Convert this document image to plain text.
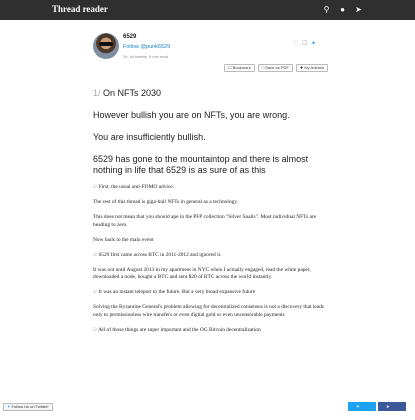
Thread reader	⚲ ● ➤
6529
Follow @punk6529
2h, 44 tweets, 9 min read
♡ ☐ ✦
☐ Bookmark	□ Save as PDF	✚ My Authors

1/ On NFTs 2030

However bullish you are on NFTs, you are wrong.

You are insufficiently bullish.

6529 has gone to the mountaintop and there is almost nothing in life that 6529 is as sure of as this

2/ First, the usual anti-FOMO advice.

The rest of this thread is giga-bull NFTs in general as a technology.

This does not mean that you should ape in the PFP collection "Silver Snails". Most individual NFTs are heading to zero.

Now back to the main event

3/ 6529 first came across BTC in 2011-2012 and ignored it.

It was not until August 2013 in my apartment in NYC when I actually engaged, read the white paper, downloaded a node, bought a BTC and sent $20 of BTC across the world instantly.

4/ It was an instant teleport to the future. But a very broad expansive future

Solving the Byzantine General's problem allowing for decentralized consensus is not a discovery that leads only to permissionless wire transfers or even digital gold or even uncensorable payments

5/ All of those things are super important and the OG Bitcoin decentralization

✦ Follow Us on Twitter!	✦
Tweet
➤
Share
